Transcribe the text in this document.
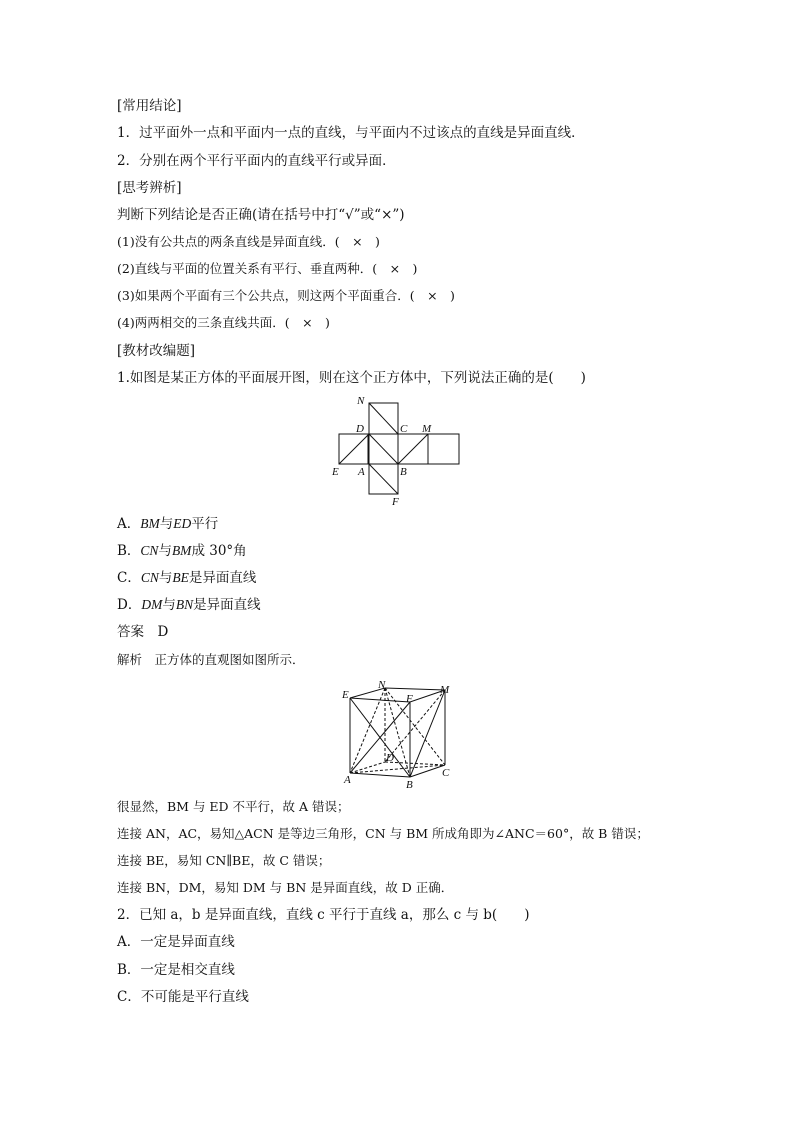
[常用结论]
1．过平面外一点和平面内一点的直线，与平面内不过该点的直线是异面直线．
2．分别在两个平行平面内的直线平行或异面．
[思考辨析]
判断下列结论是否正确(请在括号中打“√”或“×”)
(1)没有公共点的两条直线是异面直线．(　×　)
(2)直线与平面的位置关系有平行、垂直两种．(　×　)
(3)如果两个平面有三个公共点，则这两个平面重合．(　×　)
(4)两两相交的三条直线共面．(　×　)
[教材改编题]
1.如图是某正方体的平面展开图，则在这个正方体中，下列说法正确的是(　　)
N
D	C M
E A	B
F
A．BM与ED平行
B．CN与BM成 30°角
C．CN与BE是异面直线
D．DM与BN是异面直线
答案　D
解析　正方体的直观图如图所示．
E
N
F
M
D
A	B
C
很显然，BM 与 ED 不平行，故 A 错误；
连接 AN，AC，易知△ACN 是等边三角形，CN 与 BM 所成角即为∠ANC＝60°，故 B 错误；
连接 BE，易知 CN∥BE，故 C 错误；
连接 BN，DM，易知 DM 与 BN 是异面直线，故 D 正确．
2．已知 a，b 是异面直线，直线 c 平行于直线 a，那么 c 与 b(　　)
A．一定是异面直线
B．一定是相交直线
C．不可能是平行直线
